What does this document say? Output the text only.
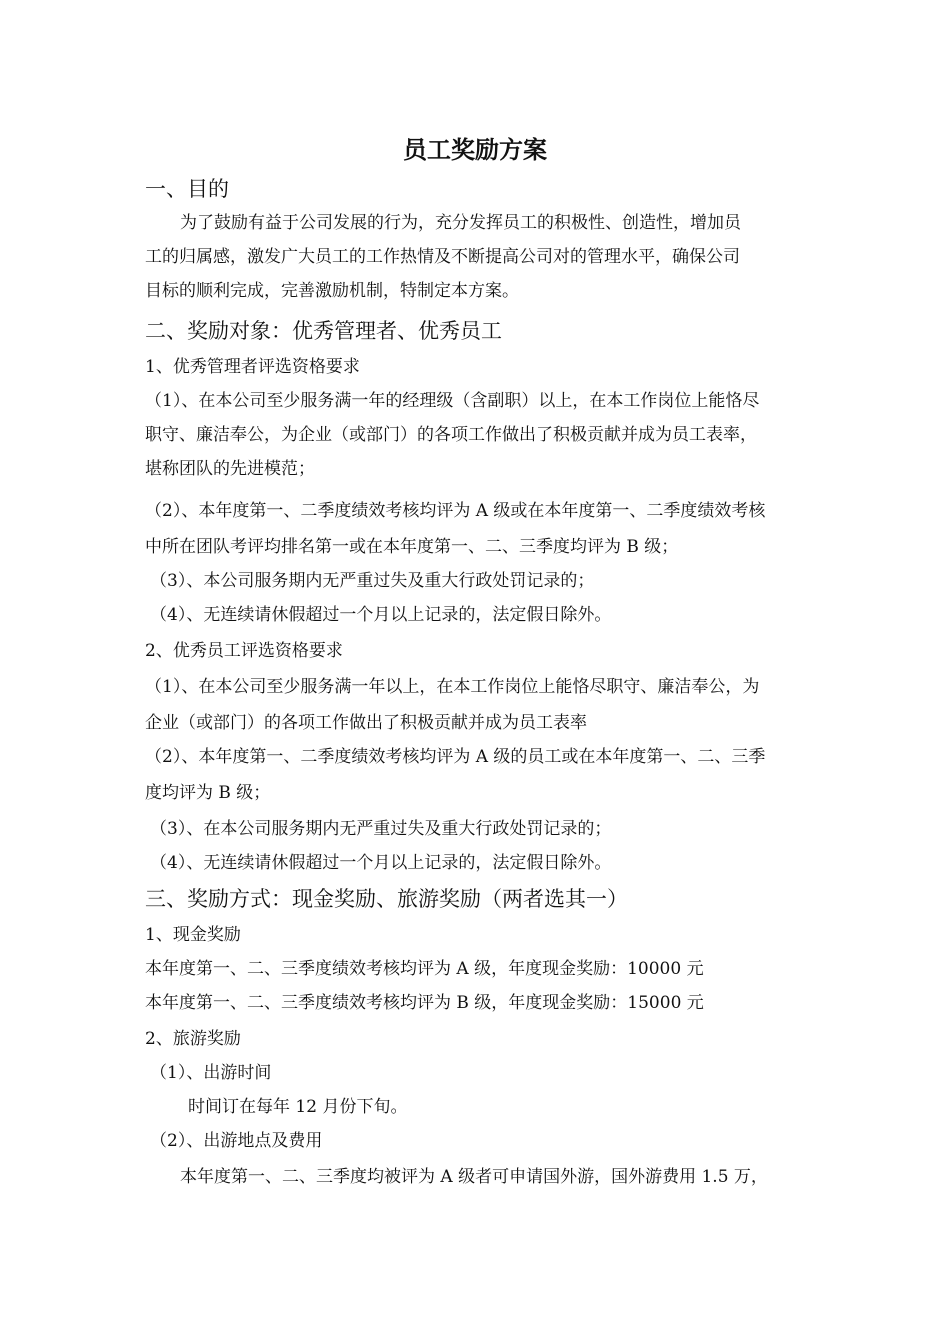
员工奖励方案
一、目的
为了鼓励有益于公司发展的行为，充分发挥员工的积极性、创造性，增加员
工的归属感，激发广大员工的工作热情及不断提高公司对的管理水平，确保公司
目标的顺利完成，完善激励机制，特制定本方案。
二、奖励对象：优秀管理者、优秀员工
1、优秀管理者评选资格要求
（1）、在本公司至少服务满一年的经理级（含副职）以上，在本工作岗位上能恪尽
职守、廉洁奉公，为企业（或部门）的各项工作做出了积极贡献并成为员工表率，
堪称团队的先进模范；
（2）、本年度第一、二季度绩效考核均评为 A 级或在本年度第一、二季度绩效考核
中所在团队考评均排名第一或在本年度第一、二、三季度均评为 B 级；
（3）、本公司服务期内无严重过失及重大行政处罚记录的；
（4）、无连续请休假超过一个月以上记录的，法定假日除外。
2、优秀员工评选资格要求
（1）、在本公司至少服务满一年以上，在本工作岗位上能恪尽职守、廉洁奉公，为
企业（或部门）的各项工作做出了积极贡献并成为员工表率
（2）、本年度第一、二季度绩效考核均评为 A 级的员工或在本年度第一、二、三季
度均评为 B 级；
（3）、在本公司服务期内无严重过失及重大行政处罚记录的；
（4）、无连续请休假超过一个月以上记录的，法定假日除外。
三、奖励方式：现金奖励、旅游奖励（两者选其一）
1、现金奖励
本年度第一、二、三季度绩效考核均评为 A 级，年度现金奖励：10000 元
本年度第一、二、三季度绩效考核均评为 B 级，年度现金奖励：15000 元
2、旅游奖励
（1）、出游时间
时间订在每年 12 月份下旬。
（2）、出游地点及费用
本年度第一、二、三季度均被评为 A 级者可申请国外游，国外游费用 1.5 万，
